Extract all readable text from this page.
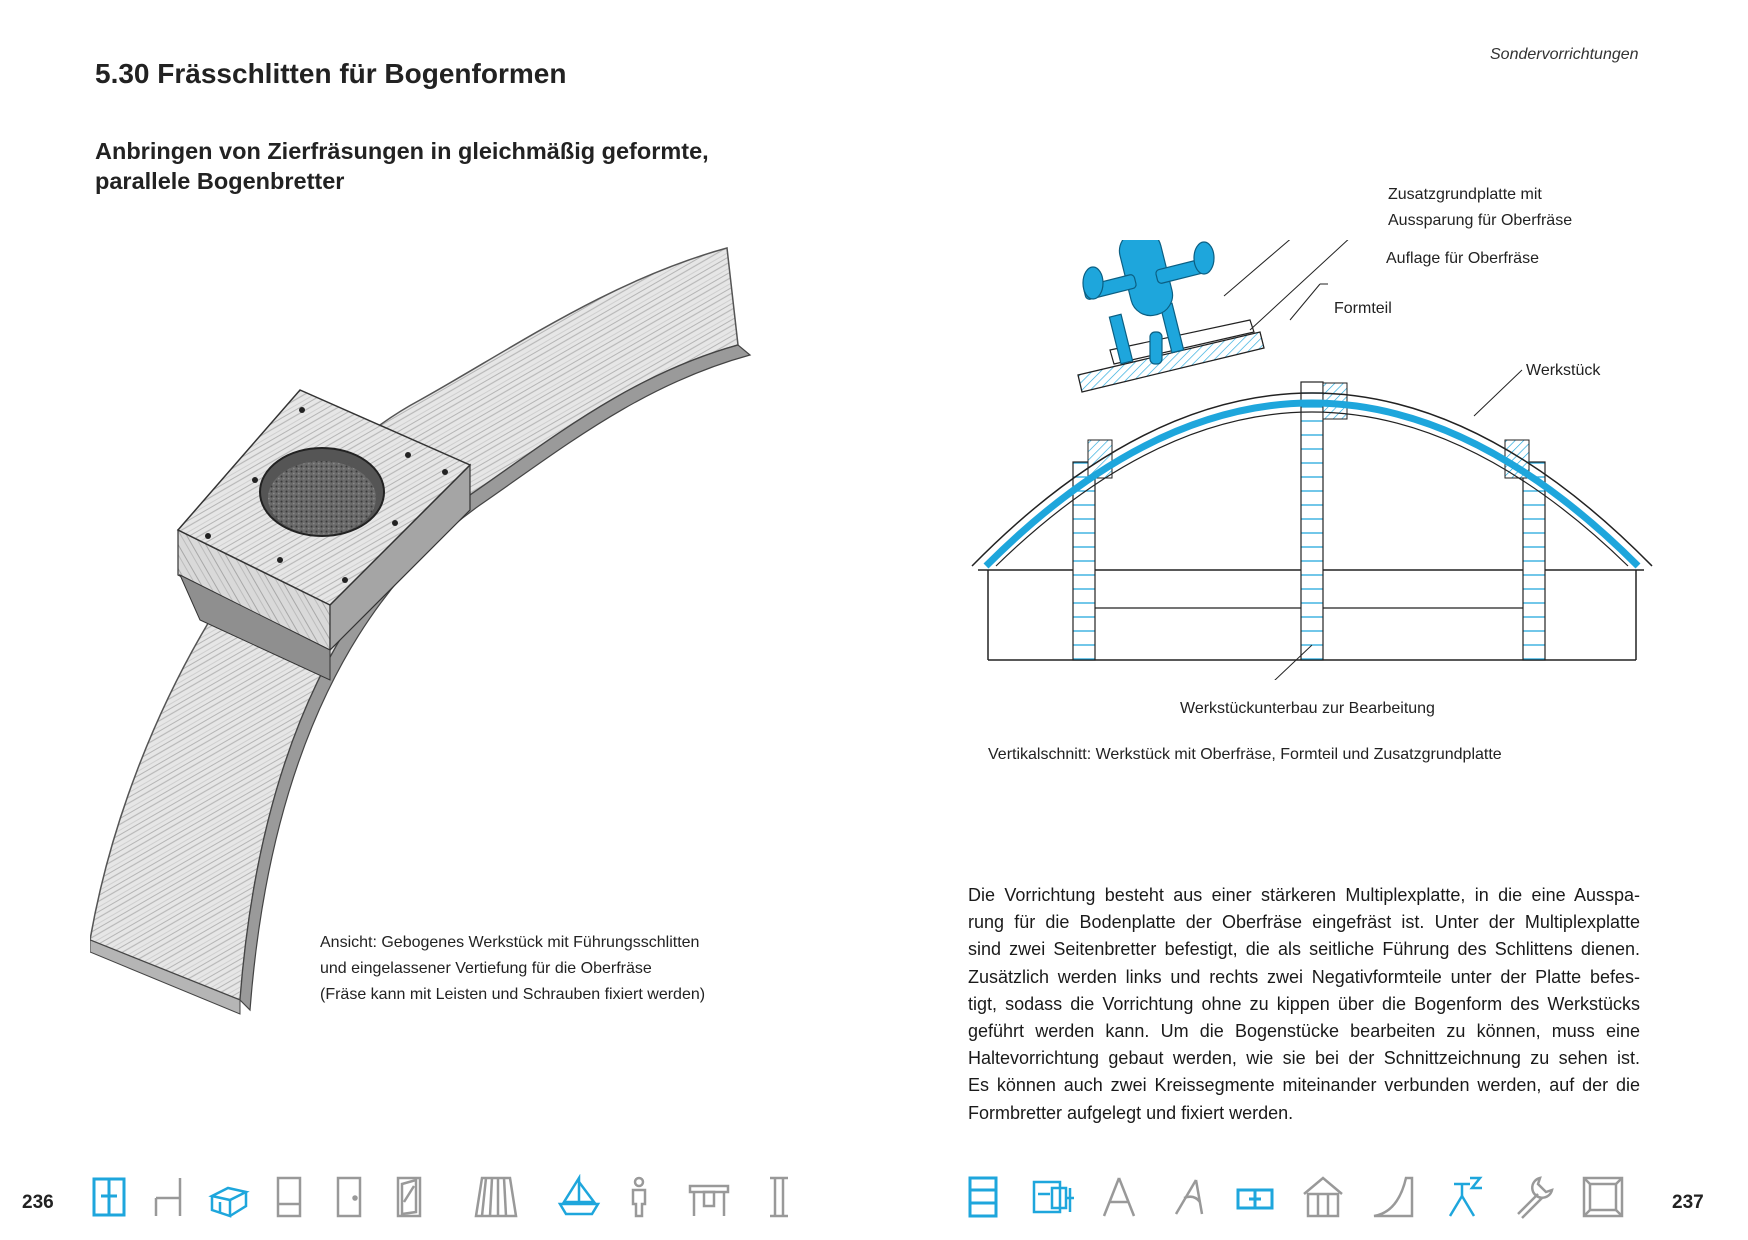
5.30 Frässchlitten für Bogenformen
Anbringen von Zierfräsungen in gleichmäßig geformte,
parallele Bogenbretter
Sondervorrichtungen
Ansicht: Gebogenes Werkstück mit Führungsschlitten
und eingelassener Vertiefung für die Oberfräse
(Fräse kann mit Leisten und Schrauben fixiert werden)
Zusatzgrundplatte mit
Aussparung für Oberfräse
Auflage für Oberfräse
Formteil
Werkstück
Werkstückunterbau zur Bearbeitung
Vertikalschnitt: Werkstück mit Oberfräse, Formteil und Zusatzgrundplatte
Die Vorrichtung besteht aus einer stärkeren Multiplexplatte, in die eine Ausspa-
rung für die Bodenplatte der Oberfräse eingefräst ist. Unter der Multiplexplatte
sind zwei Seitenbretter befestigt, die als seitliche Führung des Schlittens dienen.
Zusätzlich werden links und rechts zwei Negativformteile unter der Platte befes-
tigt, sodass die Vorrichtung ohne zu kippen über die Bogenform des Werkstücks
geführt werden kann. Um die Bogenstücke bearbeiten zu können, muss eine
Haltevorrichtung gebaut werden, wie sie bei der Schnittzeichnung zu sehen ist.
Es können auch zwei Kreissegmente miteinander verbunden werden, auf der die
Formbretter aufgelegt und fixiert werden.
236	237
